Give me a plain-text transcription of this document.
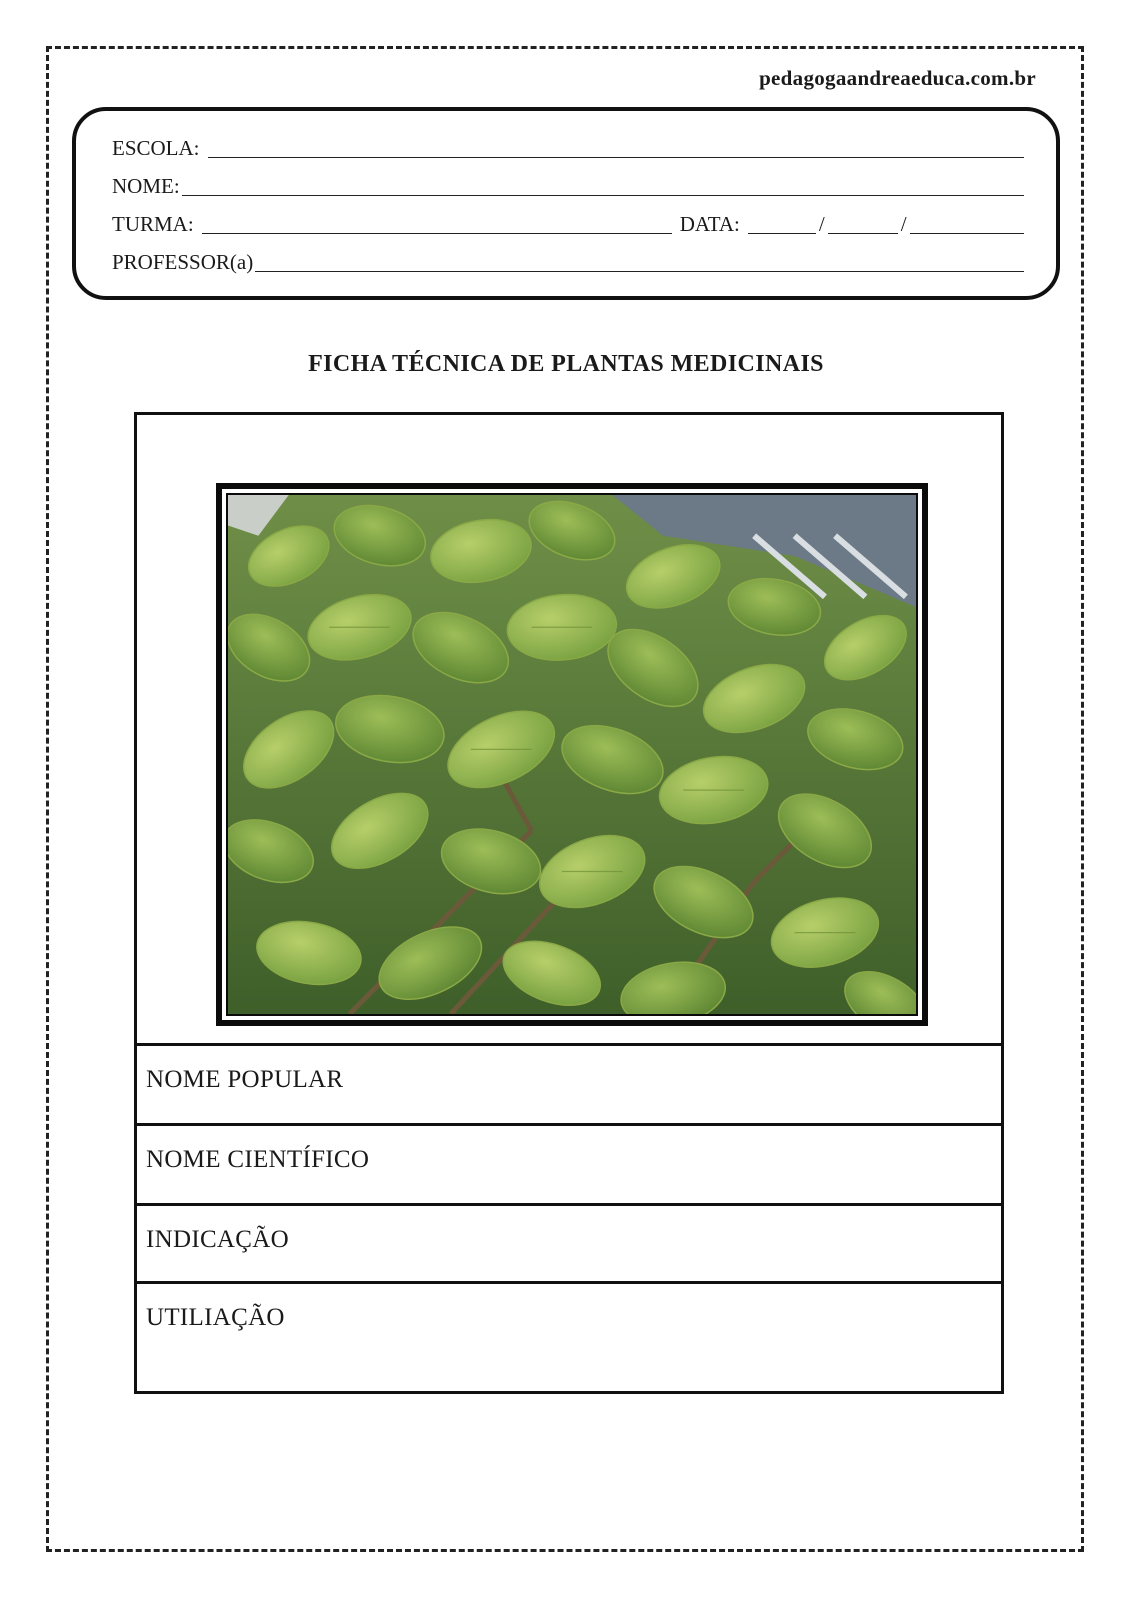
pedagogaandreaeduca.com.br
ESCOLA:
NOME:
TURMA:	DATA:	/	/
PROFESSOR(a)
FICHA TÉCNICA DE PLANTAS MEDICINAIS
NOME POPULAR
NOME CIENTÍFICO
INDICAÇÃO
UTILIAÇÃO
